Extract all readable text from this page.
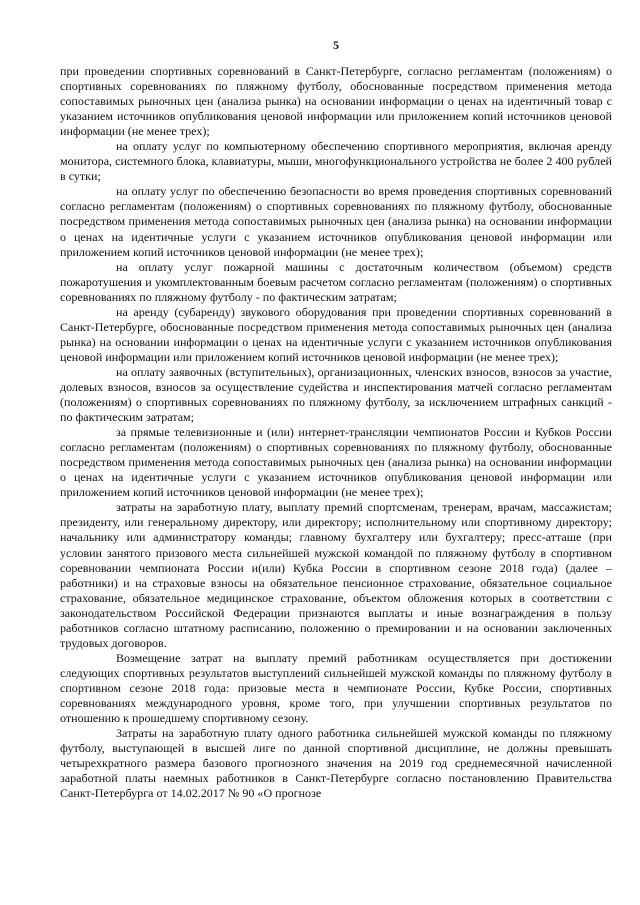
5

при проведении спортивных соревнований в Санкт-Петербурге, согласно регламентам (положениям) о спортивных соревнованиях по пляжному футболу, обоснованные посредством применения метода сопоставимых рыночных цен (анализа рынка) на основании информации о ценах на идентичный товар с указанием источников опубликования ценовой информации или приложением копий источников ценовой информации (не менее трех);

на оплату услуг по компьютерному обеспечению спортивного мероприятия, включая аренду монитора, системного блока, клавиатуры, мыши, многофункционального устройства не более 2 400 рублей в сутки;

на оплату услуг по обеспечению безопасности во время проведения спортивных соревнований согласно регламентам (положениям) о спортивных соревнованиях по пляжному футболу, обоснованные посредством применения метода сопоставимых рыночных цен (анализа рынка) на основании информации о ценах на идентичные услуги с указанием источников опубликования ценовой информации или приложением копий источников ценовой информации (не менее трех);

на оплату услуг пожарной машины с достаточным количеством (объемом) средств пожаротушения и укомплектованным боевым расчетом согласно регламентам (положениям) о спортивных соревнованиях по пляжному футболу - по фактическим затратам;

на аренду (субаренду) звукового оборудования при проведении спортивных соревнований в Санкт-Петербурге, обоснованные посредством применения метода сопоставимых рыночных цен (анализа рынка) на основании информации о ценах на идентичные услуги с указанием источников опубликования ценовой информации или приложением копий источников ценовой информации (не менее трех);

на оплату заявочных (вступительных), организационных, членских взносов, взносов за участие, долевых взносов, взносов за осуществление судейства и инспектирования матчей согласно регламентам (положениям) о спортивных соревнованиях по пляжному футболу, за исключением штрафных санкций - по фактическим затратам;

за прямые телевизионные и (или) интернет-трансляции чемпионатов России и Кубков России согласно регламентам (положениям) о спортивных соревнованиях по пляжному футболу, обоснованные посредством применения метода сопоставимых рыночных цен (анализа рынка) на основании информации о ценах на идентичные услуги с указанием источников опубликования ценовой информации или приложением копий источников ценовой информации (не менее трех);

затраты на заработную плату, выплату премий спортсменам, тренерам, врачам, массажистам; президенту, или генеральному директору, или директору; исполнительному или спортивному директору; начальнику или администратору команды; главному бухгалтеру или бухгалтеру; пресс-атташе (при условии занятого призового места сильнейшей мужской командой по пляжному футболу в спортивном соревновании чемпионата России и(или) Кубка России в спортивном сезоне 2018 года) (далее – работники) и на страховые взносы на обязательное пенсионное страхование, обязательное социальное страхование, обязательное медицинское страхование, объектом обложения которых в соответствии с законодательством Российской Федерации признаются выплаты и иные вознаграждения в пользу работников согласно штатному расписанию, положению о премировании и на основании заключенных трудовых договоров.

Возмещение затрат на выплату премий работникам осуществляется при достижении следующих спортивных результатов выступлений сильнейшей мужской команды по пляжному футболу в спортивном сезоне 2018 года: призовые места в чемпионате России, Кубке России, спортивных соревнованиях международного уровня, кроме того, при улучшении спортивных результатов по отношению к прошедшему спортивному сезону.

Затраты на заработную плату одного работника сильнейшей мужской команды по пляжному футболу, выступающей в высшей лиге по данной спортивной дисциплине, не должны превышать четырехкратного размера базового прогнозного значения на 2019 год среднемесячной начисленной заработной платы наемных работников в Санкт-Петербурге согласно постановлению Правительства Санкт-Петербурга от 14.02.2017 № 90 «О прогнозе
